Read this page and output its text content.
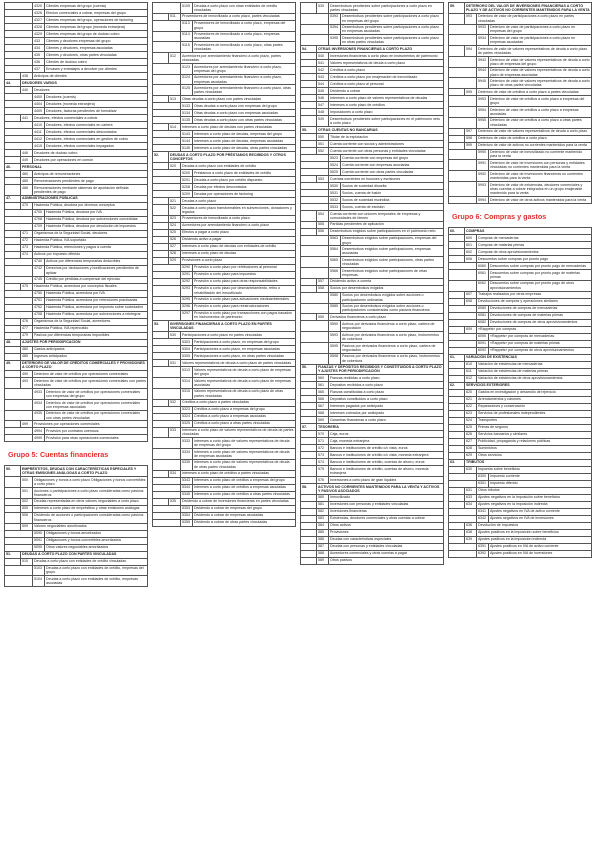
4320	Clientes empresas del grupo (cuenta)
4326	Efectos comerciales a cobrar, empresas del grupo
4327	Clientes empresas del grupo, operaciones de factoring
4328	Clientes empresas del grupo (moneda extranjera)
4329	Clientes empresas del grupo de dudoso cobro
433	Clientes y deudores empresas del grupo
434	Clientes y deudores, empresas asociadas
435	Clientes y deudores, otras partes vinculadas
436	Clientes de dudoso cobro
437	Envases y embalajes a devolver por clientes
438	Anticipos de clientes
44.	DEUDORES VARIOS
440	Deudores
4400	Deudores (cuenta)
4404	Deudores (moneda extranjera)
4409	Deudores, facturas pendientes de formalizar
441	Deudores, efectos comerciales a cobrar
4410	Deudores, efectos comerciales en cartera
4411	Deudores, efectos comerciales descontados
4412	Deudores, efectos comerciales en gestión de cobro
4415	Deudores, efectos comerciales impagados
446	Deudores de dudoso cobro
449	Deudores por operaciones en común
46.	PERSONAL
460	Anticipos de remuneraciones
465	Remuneraciones pendientes de pago
466	Remuneraciones mediante sistemas de aportación definida pendientes de pago
47.	ADMINISTRACIONES PÚBLICAS
470	Hacienda Pública, deudora por diversos conceptos
4700	Hacienda Pública, deudora por IVA
4708	Hacienda Pública, deudora por subvenciones concedidas
4709	Hacienda Pública, deudora por devolución de impuestos
471	Organismos de la Seguridad Social, deudores
472	Hacienda Pública, IVA soportado
473	Hacienda Pública, retenciones y pagos a cuenta
474	Activos por impuesto diferido
4740	Activos por diferencias temporarias deducibles
4742	Derechos por deducciones y bonificaciones pendientes de aplicar
4745	Crédito por pérdidas a compensar del ejercicio
475	Hacienda Pública, acreedora por conceptos fiscales
4750	Hacienda Pública, acreedora por IVA
4751	Hacienda Pública, acreedora por retenciones practicadas
4752	Hacienda Pública, acreedora por impuesto sobre sociedades
4758	Hacienda Pública, acreedora por subvenciones a reintegrar
476	Organismos de la Seguridad Social, acreedores
477	Hacienda Pública, IVA repercutido
479	Pasivos por diferencias temporarias imponibles
48.	AJUSTES POR PERIODIFICACIÓN
480	Gastos anticipados
485	Ingresos anticipados
49.	DETERIORO DE VALOR DE CRÉDITOS COMERCIALES Y PROVISIONES A CORTO PLAZO
490	Deterioro de valor de créditos por operaciones comerciales
493	Deterioro de valor de créditos por operaciones comerciales con partes vinculadas
4933	Deterioro de valor de créditos por operaciones comerciales con empresas del grupo
4934	Deterioro de valor de créditos por operaciones comerciales con empresas asociadas
4935	Deterioro de valor de créditos por operaciones comerciales con otras partes vinculadas
499	Provisiones por operaciones comerciales
4994	Provisión por contratos onerosos
4999	Provisión para otras operaciones comerciales
Grupo 5: Cuentas financieras
50.	EMPRÉSTITOS, DEUDAS CON CARACTERÍSTICAS ESPECIALES Y OTRAS EMISIONES ANÁLOGAS A CORTO PLAZO
500	Obligaciones y bonos a corto plazo Obligaciones y bonos convertibles a corto plazo
501	Acciones o participaciones a corto plazo consideradas como pasivos financieros
502	Deudas representadas en otros valores negociables a corto plazo
505	Intereses a corto plazo de empréstitos y otras emisiones análogas
506	Dividendo de acciones o participaciones consideradas como pasivos financieros
509	Valores negociables amortizados
5090	Obligaciones y bonos amortizados
5091	Obligaciones y bonos convertibles amortizados
5095	Otros valores negociables amortizados
51.	DEUDAS A CORTO PLAZO CON PARTES VINCULADAS
510	Deudas a corto plazo con entidades de crédito vinculadas
5103	Deudas a corto plazo con entidades de crédito, empresas del grupo
5104	Deudas a corto plazo con entidades de crédito, empresas asociadas
5105	Deudas a corto plazo con otras entidades de crédito vinculadas
511	Proveedores de inmovilizado a corto plazo, partes vinculadas
5113	Proveedores de inmovilizado a corto plazo, empresas del grupo
5114	Proveedores de inmovilizado a corto plazo, empresas asociadas
5115	Proveedores de inmovilizado a corto plazo, otras partes vinculadas
512	Acreedores por arrendamiento financiero a corto plazo, partes vinculadas
5123	Acreedores por arrendamiento financiero a corto plazo, empresas del grupo
5124	Acreedores por arrendamiento financiero a corto plazo, empresas asociadas
5125	Acreedores por arrendamiento financiero a corto plazo, otras partes vinculadas
513	Otras deudas a corto plazo con partes vinculadas
5133	Otras deudas a corto plazo con empresas del grupo
5134	Otras deudas a corto plazo con empresas asociadas
5135	Otras deudas a corto plazo con otras partes vinculadas
514	Intereses a corto plazo de deudas con partes vinculadas
5143	Intereses a corto plazo de deudas, empresas del grupo
5144	Intereses a corto plazo de deudas, empresas asociadas
5145	Intereses a corto plazo de deudas, otras partes vinculadas
52.	DEUDAS A CORTO PLAZO POR PRÉSTAMOS RECIBIDOS Y OTROS CONCEPTOS
520	Deudas a corto plazo con entidades de crédito
5200	Préstamos a corto plazo de entidades de crédito
5201	Deudas a corto plazo por crédito dispuesto
5208	Deudas por efectos descontados
5209	Deudas por operaciones de factoring
521	Deudas a corto plazo
522	Deudas a corto plazo transformables en subvenciones, donaciones y legados
523	Proveedores de inmovilizado a corto plazo
524	Acreedores por arrendamiento financiero a corto plazo
525	Efectos a pagar a corto plazo
526	Dividendo activo a pagar
527	Intereses a corto plazo de deudas con entidades de crédito
528	Intereses a corto plazo de deudas
529	Provisiones a corto plazo
5290	Provisión a corto plazo por retribuciones al personal
5291	Provisión a corto plazo para impuestos
5292	Provisión a corto plazo para otras responsabilidades
5293	Provisión a corto plazo por desmantelamiento, retiro o rehabilitación del inmovilizado
5295	Provisión a corto plazo para actuaciones medioambientales
5296	Provisión a corto plazo para reestructuraciones
5297	Provisión a corto plazo por transacciones con pagos basados en instrumentos de patrimonio
53.	INVERSIONES FINANCIERAS A CORTO PLAZO EN PARTES VINCULADAS
530	Participaciones a corto plazo en partes vinculadas
5303	Participaciones a corto plazo, en empresas del grupo
5304	Participaciones a corto plazo, en empresas asociadas
5305	Participaciones a corto plazo, en otras partes vinculadas
531	Valores representativos de deuda a corto plazo de partes vinculadas
5313	Valores representativos de deuda a corto plazo de empresas del grupo
5314	Valores representativos de deuda a corto plazo de empresas asociadas
5315	Valores representativos de deuda a corto plazo de otras partes vinculadas
532	Créditos a corto plazo a partes vinculadas
5323	Créditos a corto plazo a empresas del grupo
5324	Créditos a corto plazo a empresas asociadas
5325	Créditos a corto plazo a otras partes vinculadas
533	Intereses a corto plazo de valores representativos de deuda de partes vinculadas
5333	Intereses a corto plazo de valores representativos de deuda de empresas del grupo
5334	Intereses a corto plazo de valores representativos de deuda de empresas asociadas
5335	Intereses a corto plazo de valores representativos de deuda de otras partes vinculadas
534	Intereses a corto plazo de créditos a partes vinculadas
5343	Intereses a corto plazo de créditos a empresas del grupo
5344	Intereses a corto plazo de créditos a empresas asociadas
5345	Intereses a corto plazo de créditos a otras partes vinculadas
535	Dividendo a cobrar de inversiones financieras en partes vinculadas
5353	Dividendo a cobrar de empresas del grupo
5354	Dividendo a cobrar de empresas asociadas
5355	Dividendo a cobrar de otras partes vinculadas
539	Desembolsos pendientes sobre participaciones a corto plazo en partes vinculadas
5393	Desembolsos pendientes sobre participaciones a corto plazo en empresas del grupo
5394	Desembolsos pendientes sobre participaciones a corto plazo en empresas asociadas
5395	Desembolsos pendientes sobre participaciones a corto plazo en otras partes vinculadas
54.	OTRAS INVERSIONES FINANCIERAS A CORTO PLAZO
540	Inversiones financieras a corto plazo en instrumentos de patrimonio
541	Valores representativos de deuda a corto plazo
542	Créditos a corto plazo
543	Créditos a corto plazo por enajenación de inmovilizado
544	Créditos a corto plazo al personal
545	Dividendo a cobrar
546	Intereses a corto plazo de valores representativos de deudas
547	Intereses a corto plazo de créditos
548	Imposiciones a corto plazo
549	Desembolsos pendientes sobre participaciones en el patrimonio neto a corto plazo
55.	OTRAS CUENTAS NO BANCARIAS
550	Titular de la explotación
551	Cuenta corriente con socios y administradores
552	Cuenta corriente con otras personas y entidades vinculadas
5523	Cuenta corriente con empresas del grupo
5524	Cuenta corriente con empresas asociadas
5525	Cuenta corriente con otras partes vinculadas
553	Cuentas corrientes en fusiones y escisiones
5530	Socios de sociedad disuelta
5531	Socios, cuenta de fusión
5532	Socios de sociedad escindida
5533	Socios, cuenta de escisión
554	Cuenta corriente con uniones temporales de empresas y comunidades de bienes
555	Partidas pendientes de aplicación
556	Desembolsos exigidos sobre participaciones en el patrimonio neto
5563	Desembolsos exigidos sobre participaciones, empresas del grupo
5564	Desembolsos exigidos sobre participaciones, empresas asociadas
5565	Desembolsos exigidos sobre participaciones, otras partes vinculadas
5566	Desembolsos exigidos sobre participaciones de otras empresas
557	Dividendo activo a cuenta
558	Socios por desembolsos exigidos
5580	Socios por desembolsos exigidos sobre acciones o participaciones ordinarias
5585	Socios por desembolsos exigidos sobre acciones o participaciones consideradas como pasivos financieros
559	Derivados financieros a corto plazo
5590	Activos por derivados financieros a corto plazo, cartera de negociación
5593	Activos por derivados financieros a corto plazo, instrumentos de cobertura
5595	Pasivos por derivados financieros a corto plazo, cartera de negociación
5598	Pasivos por derivados financieros a corto plazo, instrumentos de cobertura
56.	FIANZAS Y DEPÓSITOS RECIBIDOS Y CONSTITUIDOS A CORTO PLAZO Y AJUSTES POR PERIODIFICACIÓN
560	Fianzas recibidas a corto plazo
561	Depósitos recibidos a corto plazo
565	Fianzas constituidas a corto plazo
566	Depósitos constituidos a corto plazo
567	Intereses pagados por anticipado
568	Intereses cobrados por anticipado
569	Garantías financieras a corto plazo
57.	TESORERÍA
570	Caja, euros
571	Caja, moneda extranjera
572	Bancos e instituciones de crédito c/c vista, euros
573	Bancos e instituciones de crédito c/c vista, moneda extranjera
574	Bancos e instituciones de crédito, cuentas de ahorro, euros
575	Bancos e instituciones de crédito, cuentas de ahorro, moneda extranjera
576	Inversiones a corto plazo de gran liquidez
58.	ACTIVOS NO CORRIENTES MANTENIDOS PARA LA VENTA Y ACTIVOS Y PASIVOS ASOCIADOS
580	Inmovilizado
581	Inversiones con personas y entidades vinculadas
582	Inversiones financieras
583	Existencias, deudores comerciales y otras cuentas a cobrar
584	Otros activos
585	Provisiones
586	Deudas con características especiales
587	Deudas con personas y entidades vinculadas
588	Acreedores comerciales y otras cuentas a pagar
589	Otros pasivos
59.	DETERIORO DEL VALOR DE INVERSIONES FINANCIERAS A CORTO PLAZO Y DE ACTIVOS NO CORRIENTES MANTENIDOS PARA LA VENTA
593	Deterioro de valor de participaciones a corto plazo en partes vinculadas
5933	Deterioro de valor de participaciones a corto plazo en empresas del grupo
5934	Deterioro de valor de participaciones a corto plazo en empresas asociadas
594	Deterioro de valor de valores representativos de deuda a corto plazo de partes vinculadas
5943	Deterioro de valor de valores representativos de deuda a corto plazo de empresas del grupo
5944	Deterioro de valor de valores representativos de deuda a corto plazo de empresas asociadas
5945	Deterioro de valor de valores representativos de deuda a corto plazo de otras partes vinculadas
595	Deterioro de valor de créditos a corto plazo a partes vinculadas
5953	Deterioro de valor de créditos a corto plazo a empresas del grupo
5954	Deterioro de valor de créditos a corto plazo a empresas asociadas
5955	Deterioro de valor de créditos a corto plazo a otras partes vinculadas
597	Deterioro de valor de valores representativos de deuda a corto plazo
598	Deterioro de valor de créditos a corto plazo
599	Deterioro de valor de activos no corrientes mantenidos para la venta
5990	Deterioro de valor de inmovilizado no corriente mantenido para la venta
5991	Deterioro de valor de inversiones con personas y entidades vinculadas no corrientes mantenidas para la venta
5992	Deterioro de valor de inversiones financieras no corrientes mantenidas para la venta
5993	Deterioro de valor de existencias, deudores comerciales y otras cuentas a cobrar integrados en un grupo enajenable mantenido para la venta
5994	Deterioro de valor de otros activos mantenidos para la venta
Grupo 6: Compras y gastos
60.	COMPRAS
600	Compras de mercaderías
601	Compras de materias primas
602	Compras de otros aprovisionamientos
606	Descuentos sobre compras por pronto pago
6060	Descuentos sobre compras por pronto pago de mercaderías
6061	Descuentos sobre compras por pronto pago de materias primas
6062	Descuentos sobre compras por pronto pago de otros aprovisionamientos
607	Trabajos realizados por otras empresas
608	Devoluciones de compras y operaciones similares
6080	Devoluciones de compras de mercaderías
6081	Devoluciones de compras de materias primas
6082	Devoluciones de compras de otros aprovisionamientos
609	«Rappels» por compras
6090	«Rappels» por compras de mercaderías
6091	«Rappels» por compras de materias primas
6092	«Rappels» por compras de otros aprovisionamientos
61.	VARIACIÓN DE EXISTENCIAS
610	Variación de existencias de mercaderías
611	Variación de existencias de materias primas
612	Variación de existencias de otros aprovisionamientos
62.	SERVICIOS EXTERIORES
620	Gastos en investigación y desarrollo del ejercicio
621	Arrendamientos y cánones
622	Reparaciones y conservación
623	Servicios de profesionales independientes
624	Transportes
625	Primas de seguros
626	Servicios bancarios y similares
627	Publicidad, propaganda y relaciones públicas
628	Suministros
629	Otros servicios
63.	TRIBUTOS
630	Impuesto sobre beneficios
6300	Impuesto corriente
6301	Impuesto diferido
631	Otros tributos
633	Ajustes negativos en la imposición sobre beneficios
634	Ajustes negativos en la imposición indirecta
6341	Ajustes negativos en IVA de activo corriente
6342	Ajustes negativos en IVA de inversiones
636	Devolución de impuestos
638	Ajustes positivos en la imposición sobre beneficios
639	Ajustes positivos en la imposición indirecta
6391	Ajustes positivos en IVA de activo corriente
6392	Ajustes positivos en IVA de inversiones
